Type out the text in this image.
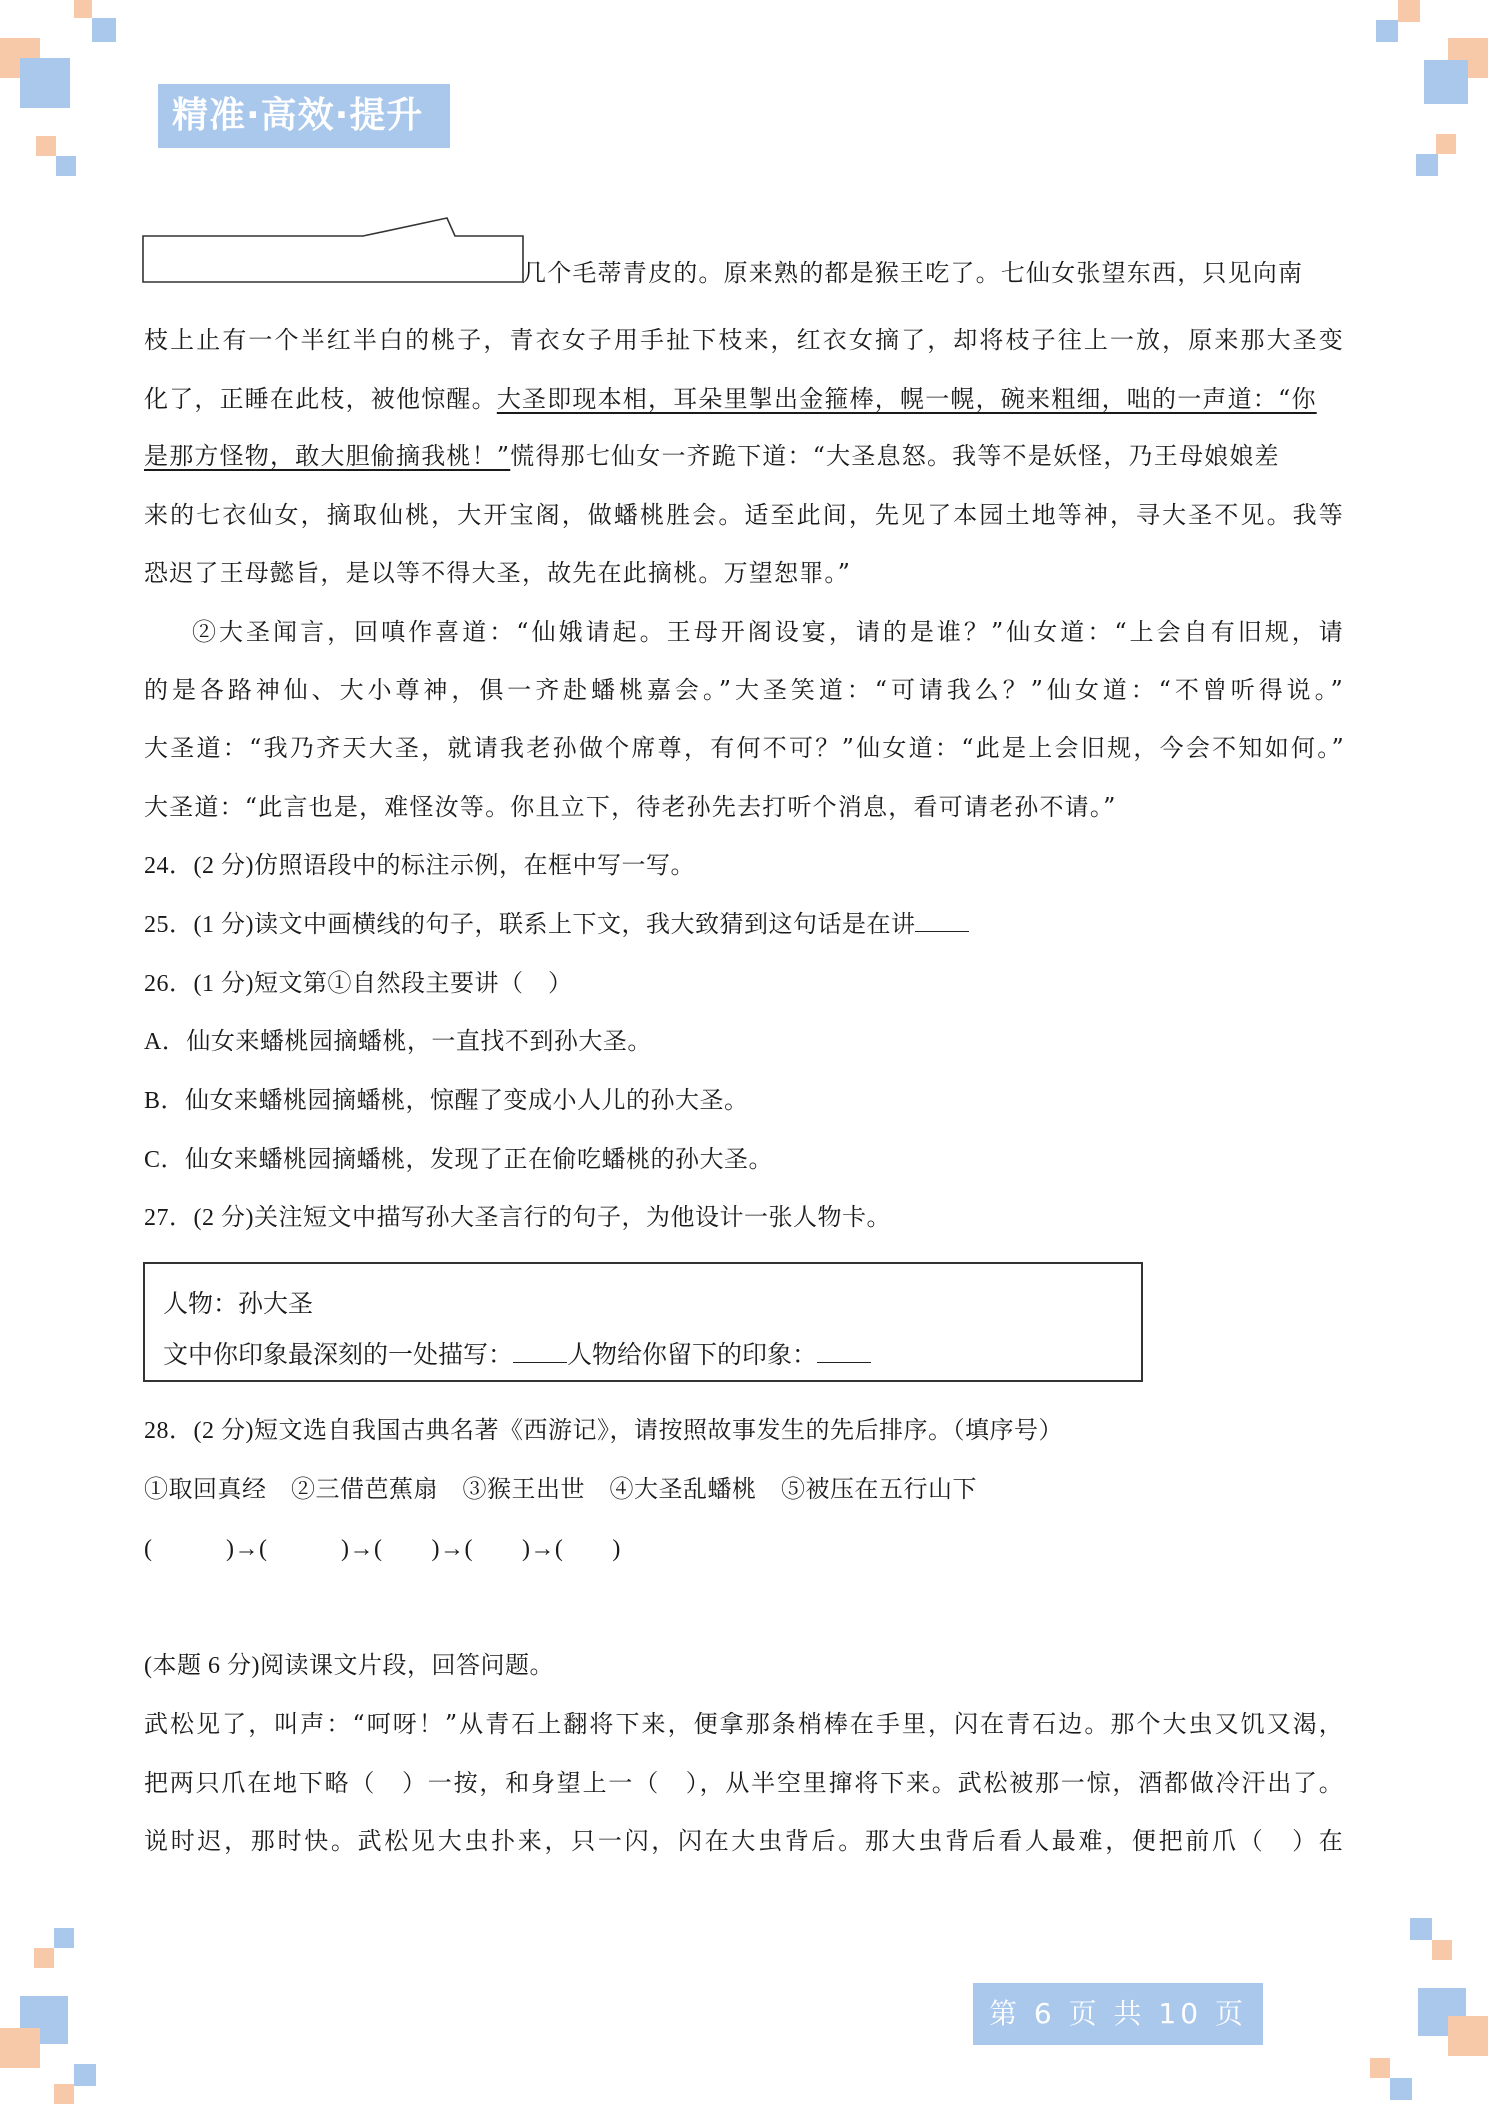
精准·高效·提升
几个毛蒂青皮的。原来熟的都是猴王吃了。七仙女张望东西，只见向南
枝上止有一个半红半白的桃子，青衣女子用手扯下枝来，红衣女摘了，却将枝子往上一放，原来那大圣变
化了，正睡在此枝，被他惊醒。大圣即现本相，耳朵里掣出金箍棒，幌一幌，碗来粗细，咄的一声道：“你
是那方怪物，敢大胆偷摘我桃！”慌得那七仙女一齐跪下道：“大圣息怒。我等不是妖怪，乃王母娘娘差
来的七衣仙女，摘取仙桃，大开宝阁，做蟠桃胜会。适至此间，先见了本园土地等神，寻大圣不见。我等
恐迟了王母懿旨，是以等不得大圣，故先在此摘桃。万望恕罪。”
②大圣闻言，回嗔作喜道：“仙娥请起。王母开阁设宴，请的是谁？”仙女道：“上会自有旧规，请
的是各路神仙、大小尊神，俱一齐赴蟠桃嘉会。”大圣笑道：“可请我么？”仙女道：“不曾听得说。”
大圣道：“我乃齐天大圣，就请我老孙做个席尊，有何不可？”仙女道：“此是上会旧规，今会不知如何。”
大圣道：“此言也是，难怪汝等。你且立下，待老孙先去打听个消息，看可请老孙不请。”
24．(2 分)仿照语段中的标注示例，在框中写一写。
25．(1 分)读文中画横线的句子，联系上下文，我大致猜到这句话是在讲
26．(1 分)短文第①自然段主要讲（　）
A．仙女来蟠桃园摘蟠桃，一直找不到孙大圣。
B．仙女来蟠桃园摘蟠桃，惊醒了变成小人儿的孙大圣。
C．仙女来蟠桃园摘蟠桃，发现了正在偷吃蟠桃的孙大圣。
27．(2 分)关注短文中描写孙大圣言行的句子，为他设计一张人物卡。
人物：孙大圣
文中你印象最深刻的一处描写： 人物给你留下的印象：
28．(2 分)短文选自我国古典名著《西游记》，请按照故事发生的先后排序。（填序号）
①取回真经　②三借芭蕉扇　③猴王出世　④大圣乱蟠桃　⑤被压在五行山下
(　　　)→(　　　)→(　　)→(　　)→(　　)
(本题 6 分)阅读课文片段，回答问题。
武松见了，叫声：“呵呀！”从青石上翻将下来，便拿那条梢棒在手里，闪在青石边。那个大虫又饥又渴，
把两只爪在地下略（　）一按，和身望上一（　），从半空里撺将下来。武松被那一惊，酒都做冷汗出了。
说时迟，那时快。武松见大虫扑来，只一闪，闪在大虫背后。那大虫背后看人最难，便把前爪（　）在
第 6 页 共 10 页
